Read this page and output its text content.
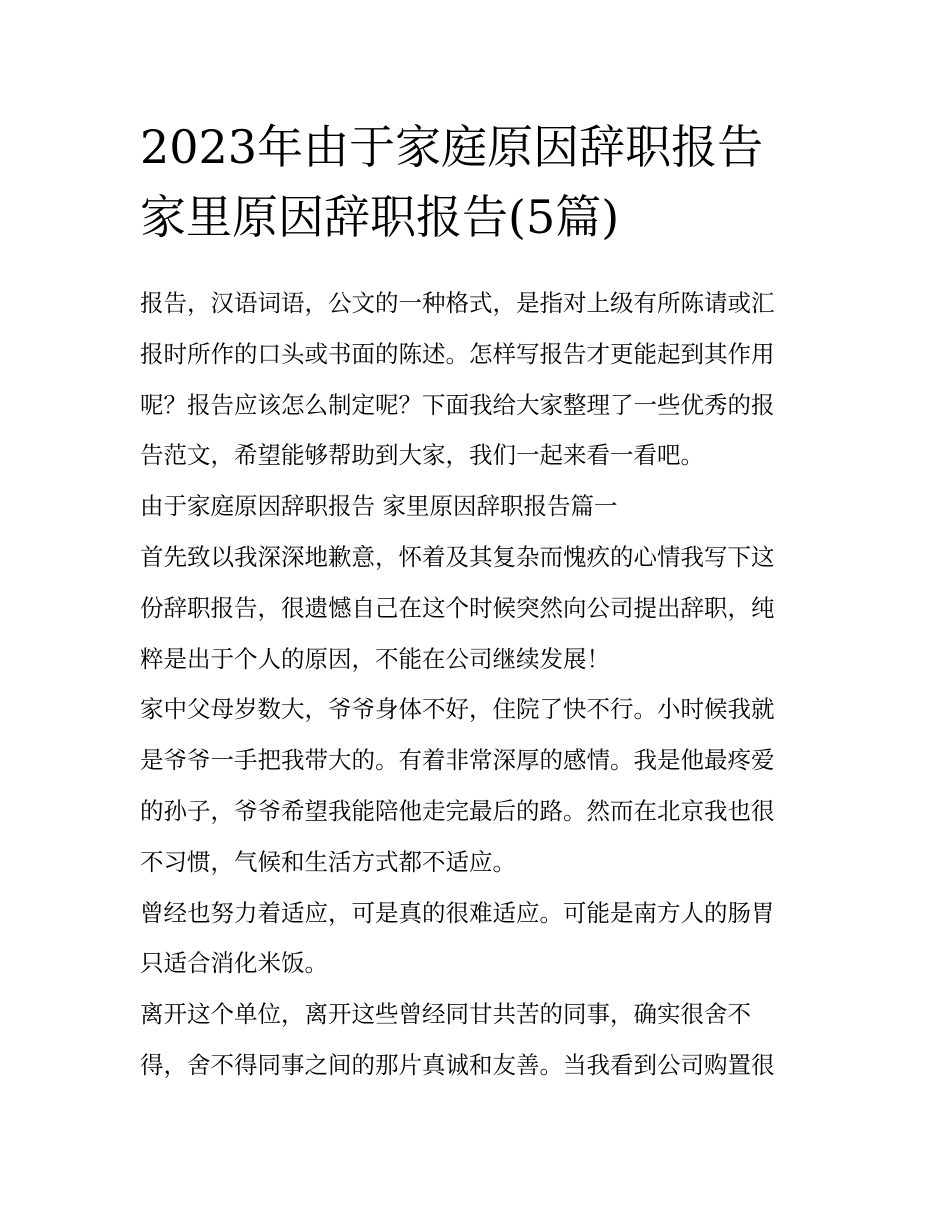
2023年由于家庭原因辞职报告
家里原因辞职报告(5篇)
报告，汉语词语，公文的一种格式，是指对上级有所陈请或汇
报时所作的口头或书面的陈述。怎样写报告才更能起到其作用
呢？报告应该怎么制定呢？下面我给大家整理了一些优秀的报
告范文，希望能够帮助到大家，我们一起来看一看吧。
由于家庭原因辞职报告 家里原因辞职报告篇一
首先致以我深深地歉意，怀着及其复杂而愧疚的心情我写下这
份辞职报告，很遗憾自己在这个时候突然向公司提出辞职，纯
粹是出于个人的原因，不能在公司继续发展！
家中父母岁数大，爷爷身体不好，住院了快不行。小时候我就
是爷爷一手把我带大的。有着非常深厚的感情。我是他最疼爱
的孙子，爷爷希望我能陪他走完最后的路。然而在北京我也很
不习惯，气候和生活方式都不适应。
曾经也努力着适应，可是真的很难适应。可能是南方人的肠胃
只适合消化米饭。
离开这个单位，离开这些曾经同甘共苦的同事，确实很舍不
得，舍不得同事之间的那片真诚和友善。当我看到公司购置很
